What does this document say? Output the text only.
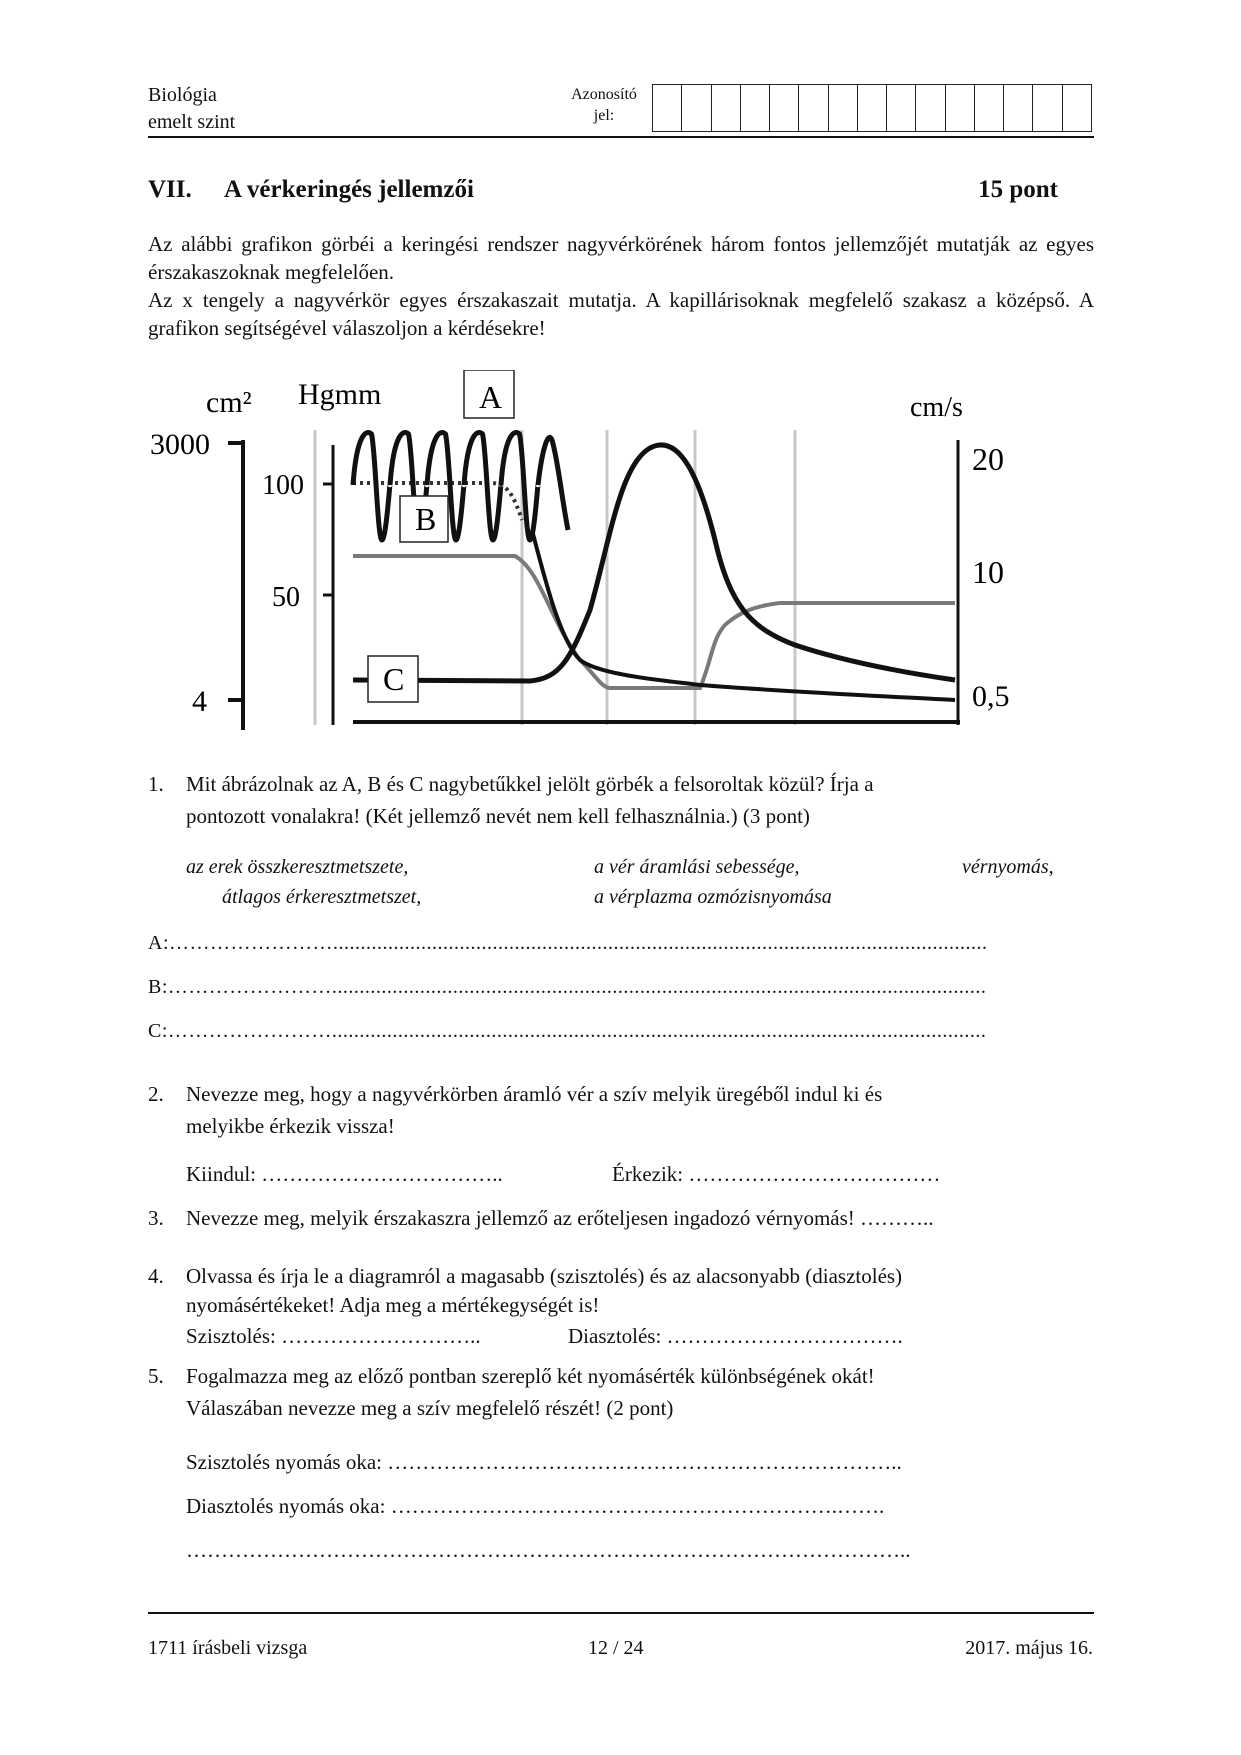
Biológia
emelt szint
Azonosító
jel:
VII. A vérkeringés jellemzői	15 pont

Az alábbi grafikon görbéi a keringési rendszer nagyvérkörének három fontos jellemzőjét mutatják az egyes érszakaszoknak megfelelően.

Az x tengely a nagyvérkör egyes érszakaszait mutatja. A kapillárisoknak megfelelő szakasz a középső. A grafikon segítségével válaszoljon a kérdésekre!

cm² Hgmm	cm/s
3000
4
100
50
20
10
0,5
A
B
C
1. Mit ábrázolnak az A, B és C nagybetűkkel jelölt görbék a felsoroltak közül? Írja a
pontozott vonalakra! (Két jellemző nevét nem kell felhasználnia.) (3 pont)
az erek összkeresztmetszete,	a vér áramlási sebessége,	vérnyomás,
átlagos érkeresztmetszet,	a vérplazma ozmózisnyomása
A:…………………….......................................................................................................................
B:…………………….......................................................................................................................
C:…………………….......................................................................................................................
2. Nevezze meg, hogy a nagyvérkörben áramló vér a szív melyik üregéből indul ki és
melyikbe érkezik vissza!
Kiindul: ……………………………..	Érkezik: ………………………………
3. Nevezze meg, melyik érszakaszra jellemző az erőteljesen ingadozó vérnyomás! ………..
4. Olvassa és írja le a diagramról a magasabb (szisztolés) és az alacsonyabb (diasztolés)
nyomásértékeket! Adja meg a mértékegységét is!
Szisztolés: ………………………..	Diasztolés: …………………………….
5. Fogalmazza meg az előző pontban szereplő két nyomásérték különbségének okát!
Válaszában nevezze meg a szív megfelelő részét! (2 pont)
Szisztolés nyomás oka: ………………………………………………………………..
Diasztolés nyomás oka: ……………………………………………………….…….
…………………………………………………………………………………………..
1711 írásbeli vizsga	12 / 24	2017. május 16.
